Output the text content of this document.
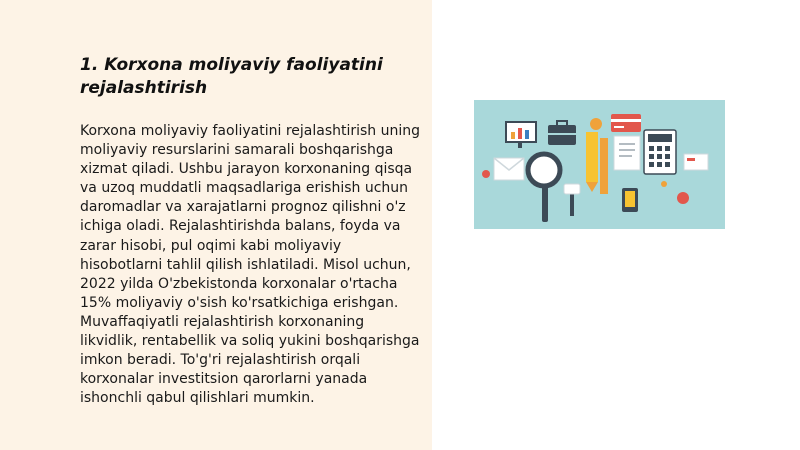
1. Korxona moliyaviy faoliyatini rejalashtirish

Korxona moliyaviy faoliyatini rejalashtirish uning moliyaviy resurslarini samarali boshqarishga xizmat qiladi. Ushbu jarayon korxonaning qisqa va uzoq muddatli maqsadlariga erishish uchun daromadlar va xarajatlarni prognoz qilishni o'z ichiga oladi. Rejalashtirishda balans, foyda va zarar hisobi, pul oqimi kabi moliyaviy hisobotlarni tahlil qilish ishlatiladi. Misol uchun, 2022 yilda O'zbekistonda korxonalar o'rtacha 15% moliyaviy o'sish ko'rsatkichiga erishgan. Muvaffaqiyatli rejalashtirish korxonaning likvidlik, rentabellik va soliq yukini boshqarishga imkon beradi. To'g'ri rejalashtirish orqali korxonalar investitsion qarorlarni yanada ishonchli qabul qilishlari mumkin.
